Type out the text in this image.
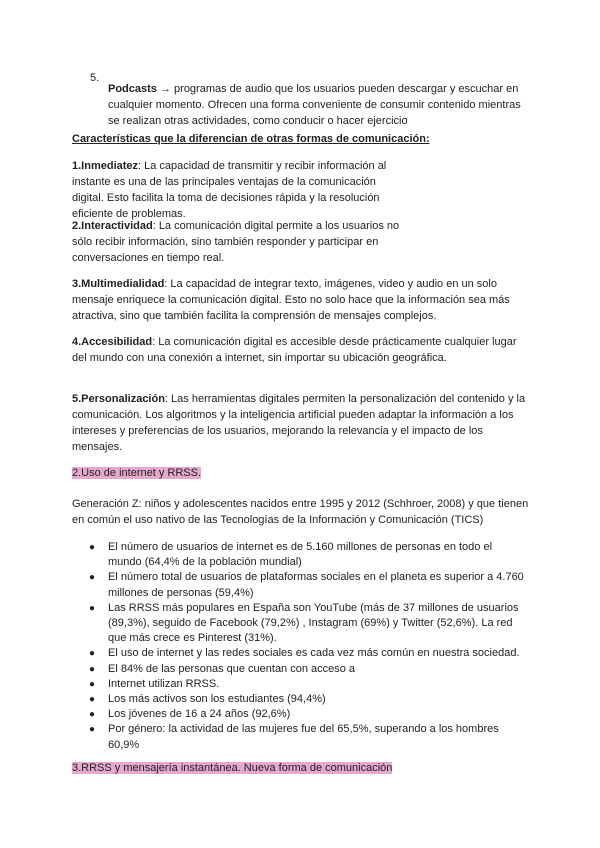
5.

Podcasts → programas de audio que los usuarios pueden descargar y escuchar en cualquier momento. Ofrecen una forma conveniente de consumir contenido mientras se realizan otras actividades, como conducir o hacer ejercicio

Características que la diferencian de otras formas de comunicación:

1.Inmediatez: La capacidad de transmitir y recibir información al instante es una de las principales ventajas de la comunicación digital. Esto facilita la toma de decisiones rápida y la resolución eficiente de problemas.

2.Interactividad: La comunicación digital permite a los usuarios no sólo recibir información, sino también responder y participar en conversaciones en tiempo real.

3.Multimedialidad: La capacidad de integrar texto, imágenes, video y audio en un solo mensaje enriquece la comunicación digital. Esto no solo hace que la información sea más atractiva, sino que también facilita la comprensión de mensajes complejos.

4.Accesibilidad: La comunicación digital es accesible desde prácticamente cualquier lugar del mundo con una conexión a internet, sin importar su ubicación geográfica.

5.Personalización: Las herramientas digitales permiten la personalización del contenido y la comunicación. Los algoritmos y la inteligencia artificial pueden adaptar la información a los intereses y preferencias de los usuarios, mejorando la relevancia y el impacto de los mensajes.

2.Uso de internet y RRSS.

Generación Z: niños y adolescentes nacidos entre 1995 y 2012 (Schhroer, 2008) y que tienen en común el uso nativo de las Tecnologías de la Información y Comunicación (TICS)

● El número de usuarios de internet es de 5.160 millones de personas en todo el mundo (64,4% de la población mundial)
● El número total de usuarios de plataformas sociales en el planeta es superior a 4.760 millones de personas (59,4%)
● Las RRSS más populares en España son YouTube (más de 37 millones de usuarios (89,3%), seguido de Facebook (79,2%) , Instagram (69%) y Twitter (52,6%). La red que más crece es Pinterest (31%).
● El uso de internet y las redes sociales es cada vez más común en nuestra sociedad.
● El 84% de las personas que cuentan con acceso a
● Internet utilizan RRSS.
● Los más activos son los estudiantes (94,4%)
● Los jóvenes de 16 a 24 años (92,6%)
● Por género: la actividad de las mujeres fue del 65,5%, superando a los hombres 60,9%

3.RRSS y mensajería instantánea. Nueva forma de comunicación
